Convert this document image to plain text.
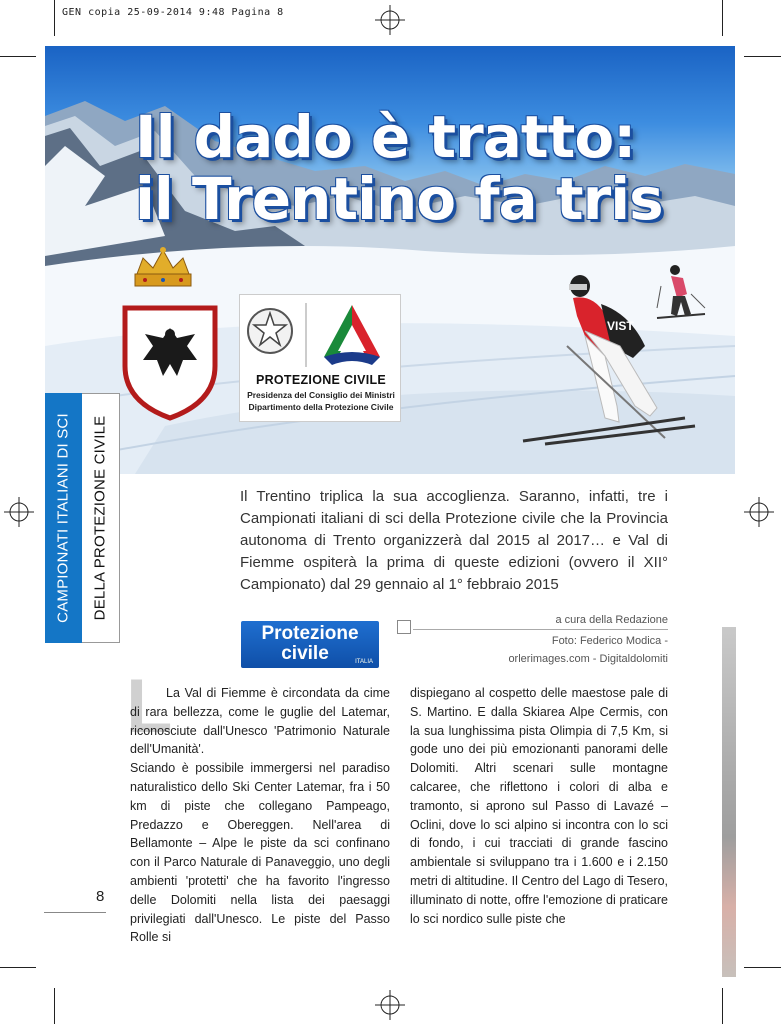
GEN copia 25-09-2014 9:48 Pagina 8
VIST
Il dado è tratto:
il Trentino fa tris
PROTEZIONE CIVILE
Presidenza del Consiglio dei Ministri
Dipartimento della Protezione Civile
CAMPIONATI ITALIANI DI SCI DELLA PROTEZIONE CIVILE	Il Trentino triplica la sua accoglienza. Saranno, infatti, tre i Campionati italiani di sci della Protezione civile che la Provincia autonoma di Trento organizzerà dal 2015 al 2017… e Val di Fiemme ospiterà la prima di queste edizioni (ovvero il XII° Campionato) dal 29 gennaio al 1° febbraio 2015
a cura della Redazione
Foto: Federico Modica -
orlerimages.com - Digitaldolomiti
Protezione
civile	ITALIA
L

La Val di Fiemme è circondata da cime di rara bellezza, come le guglie del Latemar, riconosciute dall'Unesco 'Patrimonio Naturale dell'Umanità'.

Sciando è possibile immergersi nel paradiso naturalistico dello Ski Center Latemar, fra i 50 km di piste che collegano Pampeago, Predazzo e Obereggen. Nell'area di Bellamonte – Alpe le piste da sci confinano con il Parco Naturale di Panaveggio, uno degli ambienti 'protetti' che ha favorito l'ingresso delle Dolomiti nella lista dei paesaggi privilegiati dall'Unesco. Le piste del Passo Rolle si

dispiegano al cospetto delle maestose pale di S. Martino. E dalla Skiarea Alpe Cermis, con la sua lunghissima pista Olimpia di 7,5 Km, si gode uno dei più emozionanti panorami delle Dolomiti. Altri scenari sulle montagne calcaree, che riflettono i colori di alba e tramonto, si aprono sul Passo di Lavazé – Oclini, dove lo sci alpino si incontra con lo sci di fondo, i cui tracciati di grande fascino ambientale si sviluppano tra i 1.600 e i 2.150 metri di altitudine. Il Centro del Lago di Tesero, illuminato di notte, offre l'emozione di praticare lo sci nordico sulle piste che

8
